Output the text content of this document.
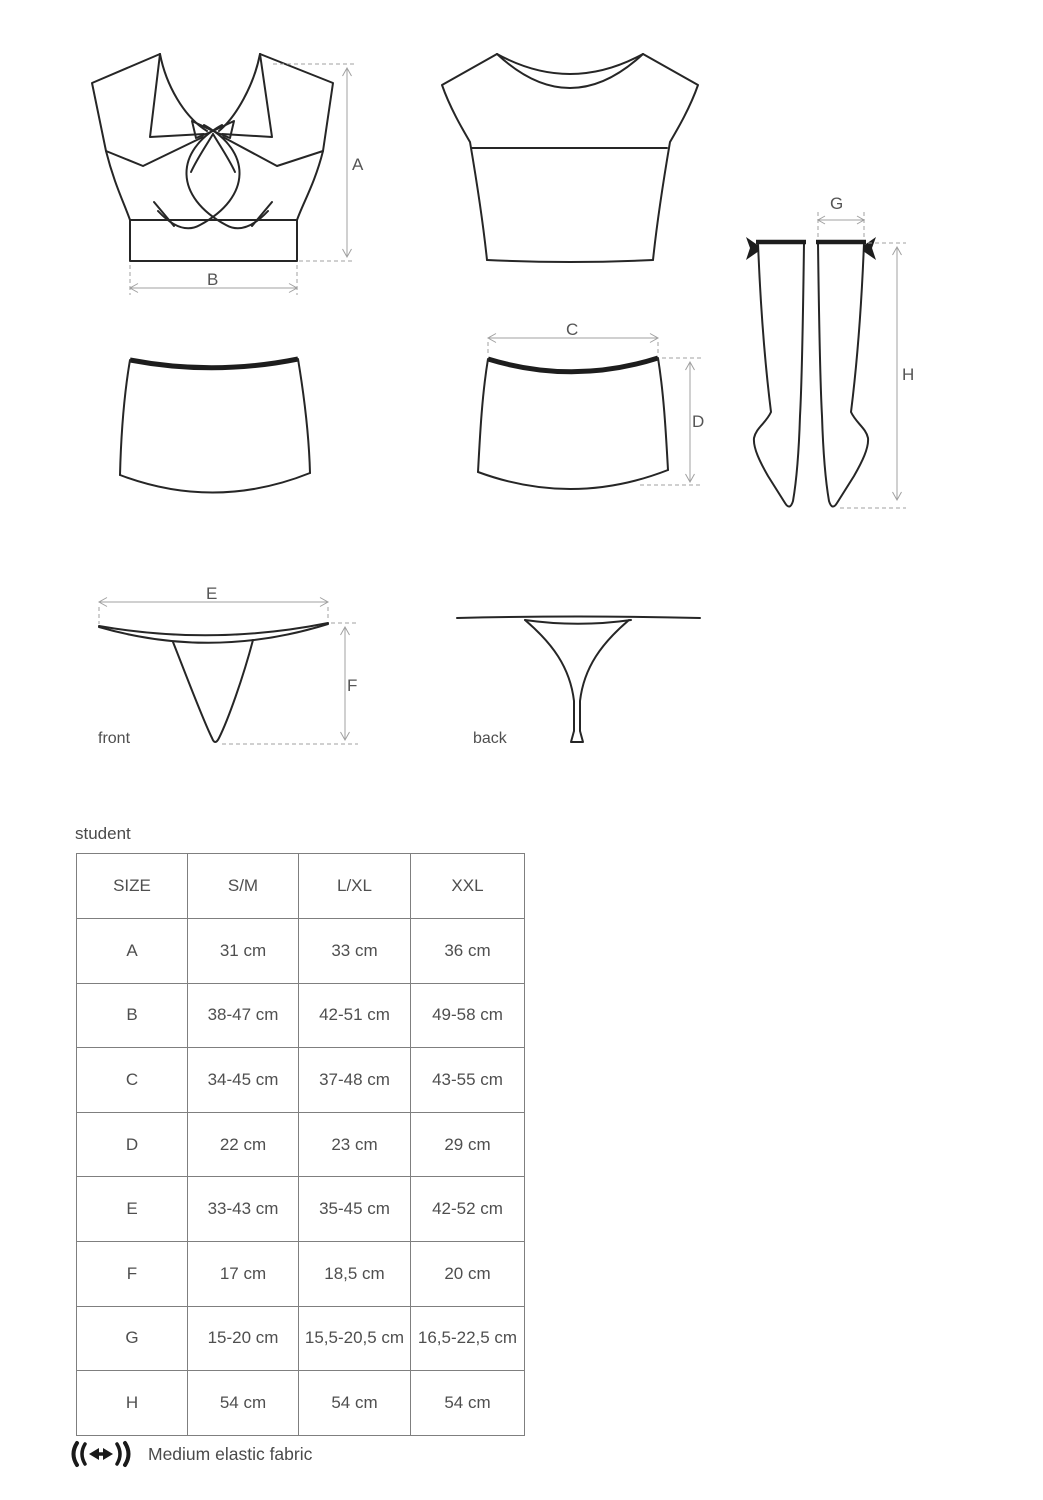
A
B
C
D
G
H
E
F
front	back
student
SIZE	S/M	L/XL	XXL
A	31 cm	33 cm	36 cm
B	38-47 cm	42-51 cm	49-58 cm
C	34-45 cm	37-48 cm	43-55 cm
D	22 cm	23 cm	29 cm
E	33-43 cm	35-45 cm	42-52 cm
F	17 cm	18,5 cm	20 cm
G	15-20 cm	15,5-20,5 cm	16,5-22,5 cm
H	54 cm	54 cm	54 cm
Medium elastic fabric
